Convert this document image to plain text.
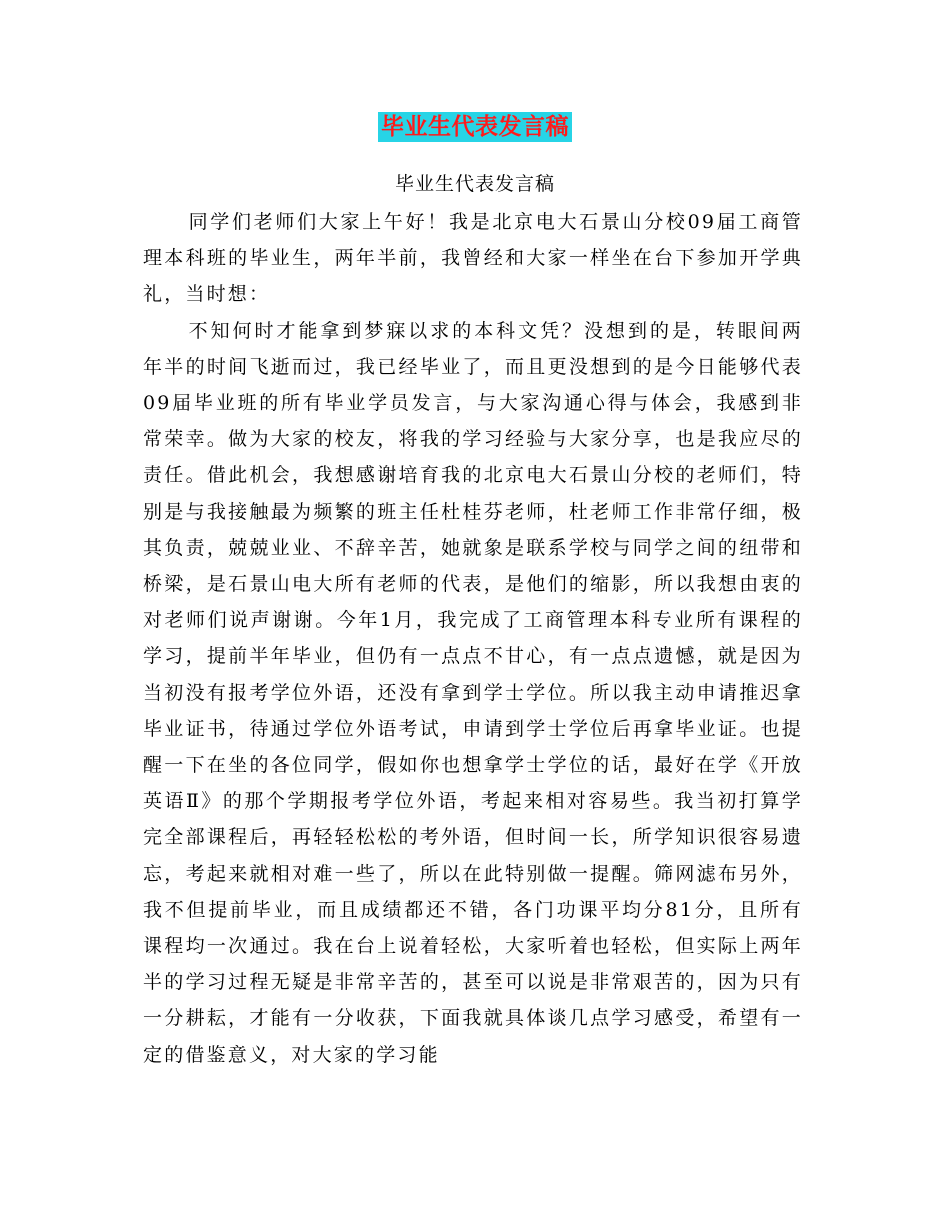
毕业生代表发言稿
毕业生代表发言稿

同学们老师们大家上午好！我是北京电大石景山分校09届工商管理本科班的毕业生，两年半前，我曾经和大家一样坐在台下参加开学典礼，当时想：

不知何时才能拿到梦寐以求的本科文凭？没想到的是，转眼间两年半的时间飞逝而过，我已经毕业了，而且更没想到的是今日能够代表09届毕业班的所有毕业学员发言，与大家沟通心得与体会，我感到非常荣幸。做为大家的校友，将我的学习经验与大家分享，也是我应尽的责任。借此机会，我想感谢培育我的北京电大石景山分校的老师们，特别是与我接触最为频繁的班主任杜桂芬老师，杜老师工作非常仔细，极其负责，兢兢业业、不辞辛苦，她就象是联系学校与同学之间的纽带和桥梁，是石景山电大所有老师的代表，是他们的缩影，所以我想由衷的对老师们说声谢谢。今年1月，我完成了工商管理本科专业所有课程的学习，提前半年毕业，但仍有一点点不甘心，有一点点遗憾，就是因为当初没有报考学位外语，还没有拿到学士学位。所以我主动申请推迟拿毕业证书，待通过学位外语考试，申请到学士学位后再拿毕业证。也提醒一下在坐的各位同学，假如你也想拿学士学位的话，最好在学《开放英语Ⅱ》的那个学期报考学位外语，考起来相对容易些。我当初打算学完全部课程后，再轻轻松松的考外语，但时间一长，所学知识很容易遗忘，考起来就相对难一些了，所以在此特别做一提醒。筛网滤布另外，我不但提前毕业，而且成绩都还不错，各门功课平均分81分，且所有课程均一次通过。我在台上说着轻松，大家听着也轻松，但实际上两年半的学习过程无疑是非常辛苦的，甚至可以说是非常艰苦的，因为只有一分耕耘，才能有一分收获，下面我就具体谈几点学习感受，希望有一定的借鉴意义，对大家的学习能
